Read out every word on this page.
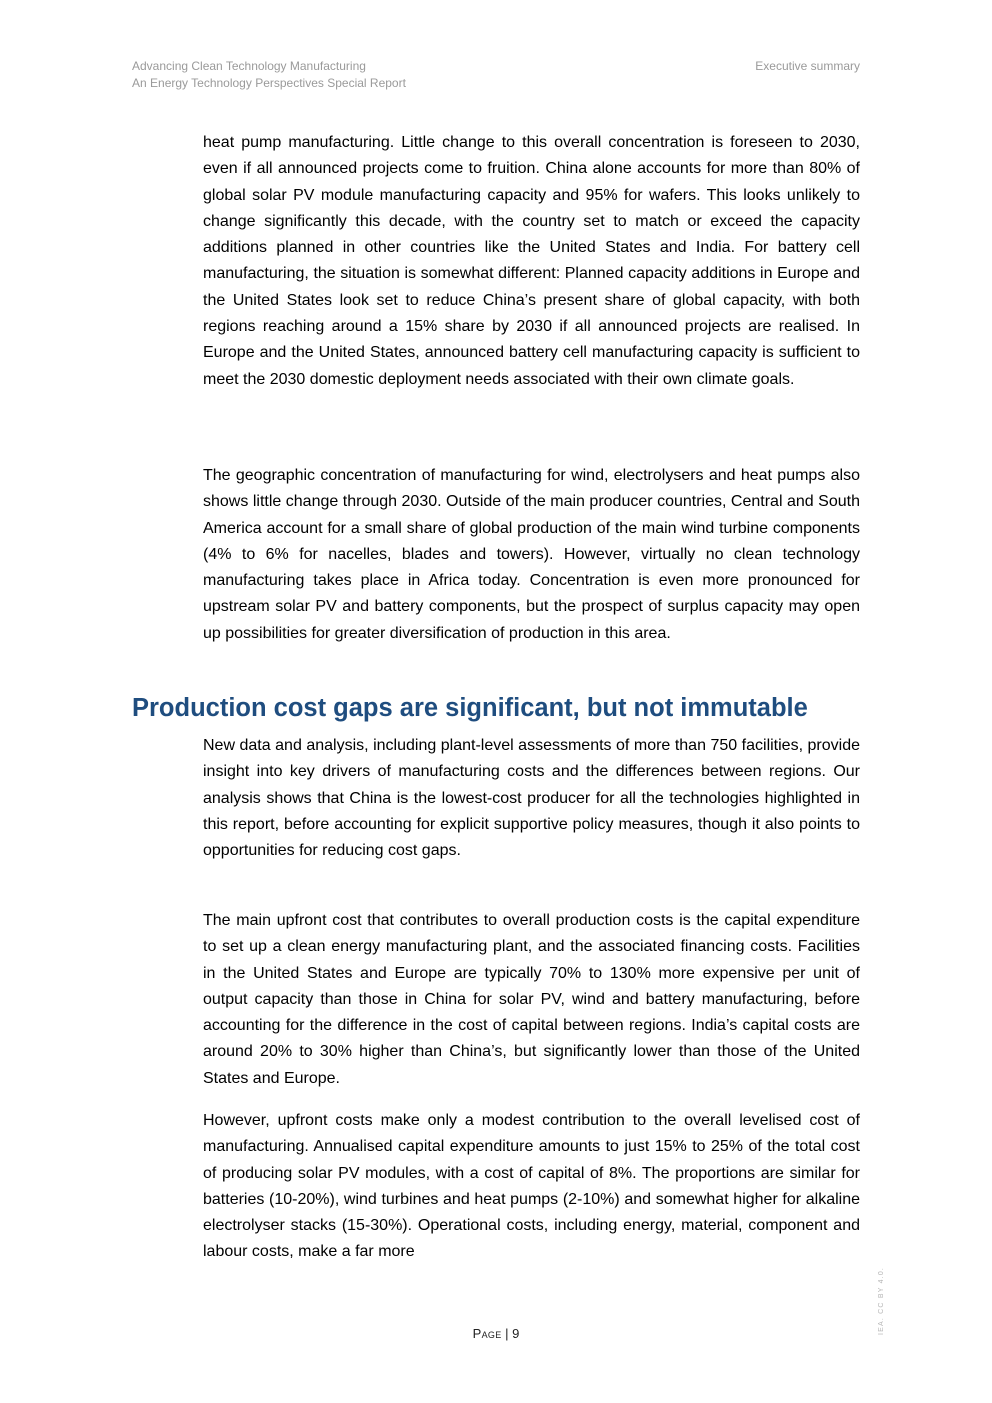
Advancing Clean Technology Manufacturing
An Energy Technology Perspectives Special Report
Executive summary

heat pump manufacturing. Little change to this overall concentration is foreseen to 2030, even if all announced projects come to fruition. China alone accounts for more than 80% of global solar PV module manufacturing capacity and 95% for wafers. This looks unlikely to change significantly this decade, with the country set to match or exceed the capacity additions planned in other countries like the United States and India. For battery cell manufacturing, the situation is somewhat different: Planned capacity additions in Europe and the United States look set to reduce China’s present share of global capacity, with both regions reaching around a 15% share by 2030 if all announced projects are realised. In Europe and the United States, announced battery cell manufacturing capacity is sufficient to meet the 2030 domestic deployment needs associated with their own climate goals.

The geographic concentration of manufacturing for wind, electrolysers and heat pumps also shows little change through 2030. Outside of the main producer countries, Central and South America account for a small share of global production of the main wind turbine components (4% to 6% for nacelles, blades and towers). However, virtually no clean technology manufacturing takes place in Africa today. Concentration is even more pronounced for upstream solar PV and battery components, but the prospect of surplus capacity may open up possibilities for greater diversification of production in this area.

Production cost gaps are significant, but not immutable

New data and analysis, including plant-level assessments of more than 750 facilities, provide insight into key drivers of manufacturing costs and the differences between regions. Our analysis shows that China is the lowest-cost producer for all the technologies highlighted in this report, before accounting for explicit supportive policy measures, though it also points to opportunities for reducing cost gaps.

The main upfront cost that contributes to overall production costs is the capital expenditure to set up a clean energy manufacturing plant, and the associated financing costs. Facilities in the United States and Europe are typically 70% to 130% more expensive per unit of output capacity than those in China for solar PV, wind and battery manufacturing, before accounting for the difference in the cost of capital between regions. India’s capital costs are around 20% to 30% higher than China’s, but significantly lower than those of the United States and Europe.

However, upfront costs make only a modest contribution to the overall levelised cost of manufacturing. Annualised capital expenditure amounts to just 15% to 25% of the total cost of producing solar PV modules, with a cost of capital of 8%. The proportions are similar for batteries (10-20%), wind turbines and heat pumps (2-10%) and somewhat higher for alkaline electrolyser stacks (15-30%). Operational costs, including energy, material, component and labour costs, make a far more

Page | 9	IEA. CC BY 4.0.
